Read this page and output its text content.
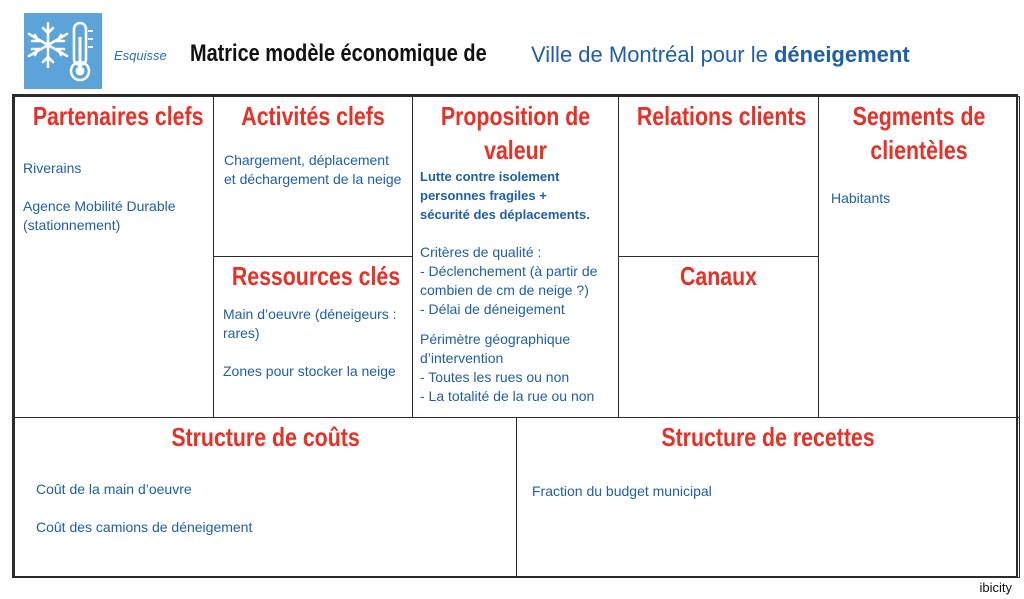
Esquisse Matrice modèle économique de Ville de Montréal pour le déneigement
Partenaires clefs

Riverains

Agence Mobilité Durable (stationnement)

Activités clefs

Chargement, déplacement et déchargement de la neige

Ressources clés

Main d’oeuvre (déneigeurs : rares)

Zones pour stocker la neige

Proposition de
valeur
Lutte contre isolement
personnes fragiles +
sécurité des déplacements.
Critères de qualité :
- Déclenchement (à partir de combien de cm de neige ?)
- Délai de déneigement
Périmètre géographique d’intervention
- Toutes les rues ou non
- La totalité de la rue ou non
Relations clients
Canaux
Segments de
clientèles

Habitants

Structure de coûts

Coût de la main d’oeuvre

Coût des camions de déneigement

Structure de recettes

Fraction du budget municipal

ibicity
